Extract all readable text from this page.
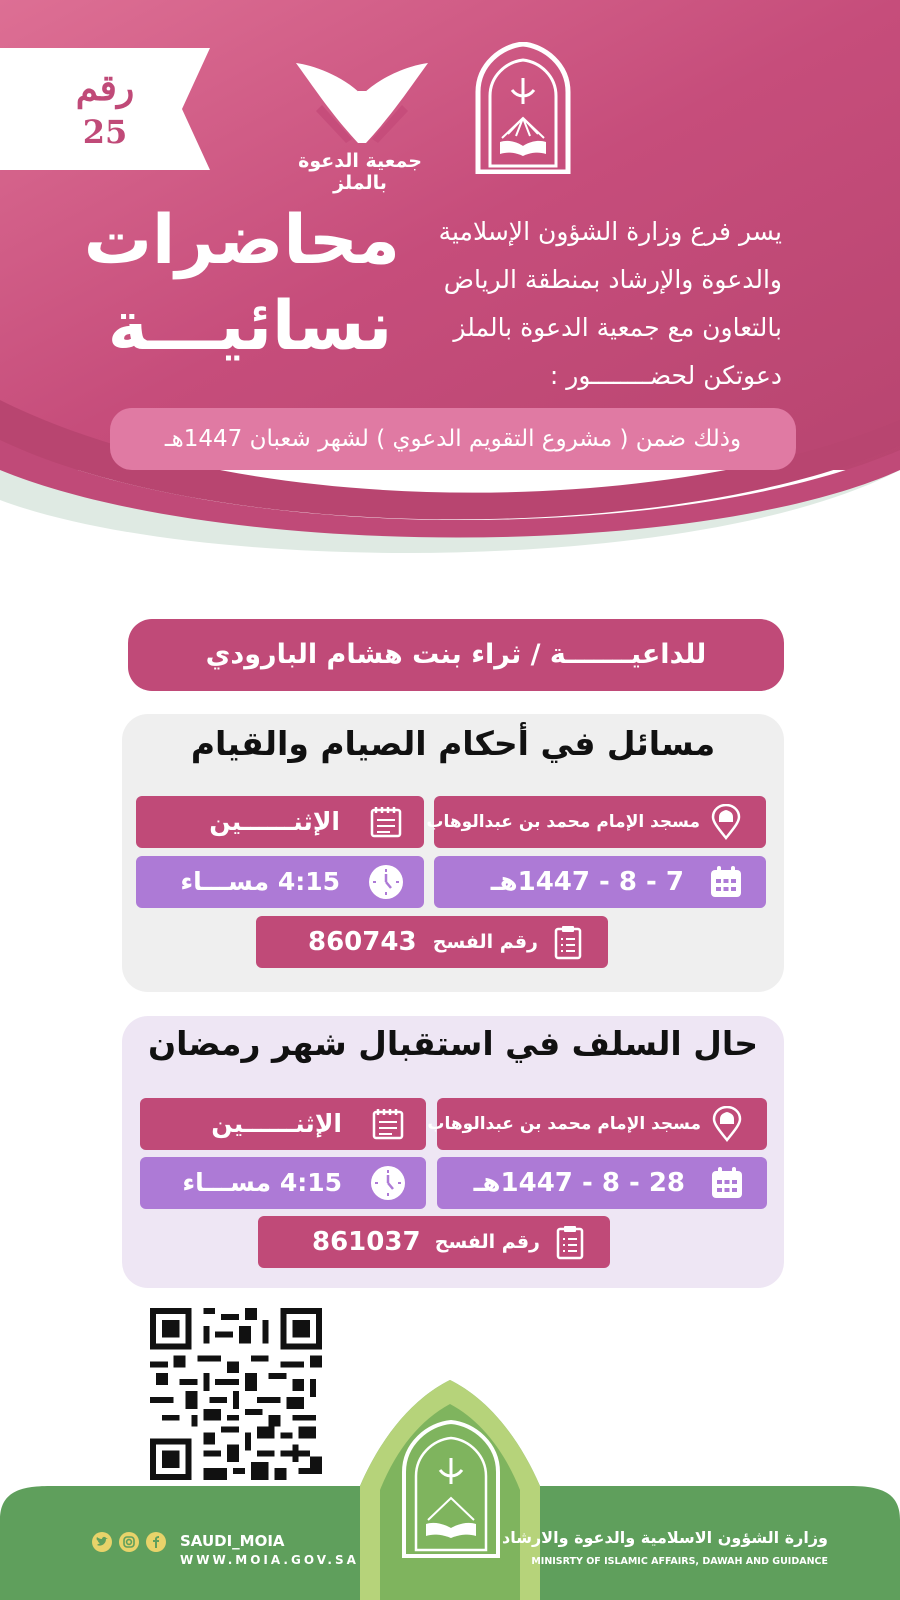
رقم
25
جمعية الدعوة بالملز
يسر فرع وزارة الشؤون الإسلامية
والدعوة والإرشاد بمنطقة الرياض
بالتعاون مع جمعية الدعوة بالملز
دعوتكن لحضــــــــور :
محاضرات
نسائيـــة
وذلك ضمن ( مشروع التقويم الدعوي ) لشهر شعبان 1447هـ
للداعيـــــــة / ثراء بنت هشام البارودي
مسائل في أحكام الصيام والقيام
مسجد الإمام محمد بن عبدالوهاب
الإثنــــــين
7 - 8 - 1447هـ
4:15 مســـاء
رقم الفسح
860743
حال السلف في استقبال شهر رمضان
مسجد الإمام محمد بن عبدالوهاب
الإثنــــــين
28 - 8 - 1447هـ
4:15 مســـاء
رقم الفسح
861037
SAUDI_MOIA
WWW.MOIA.GOV.SA
وزارة الشؤون الاسلامية والدعوة والارشاد
MINISRTY OF ISLAMIC AFFAIRS, DAWAH AND GUIDANCE
